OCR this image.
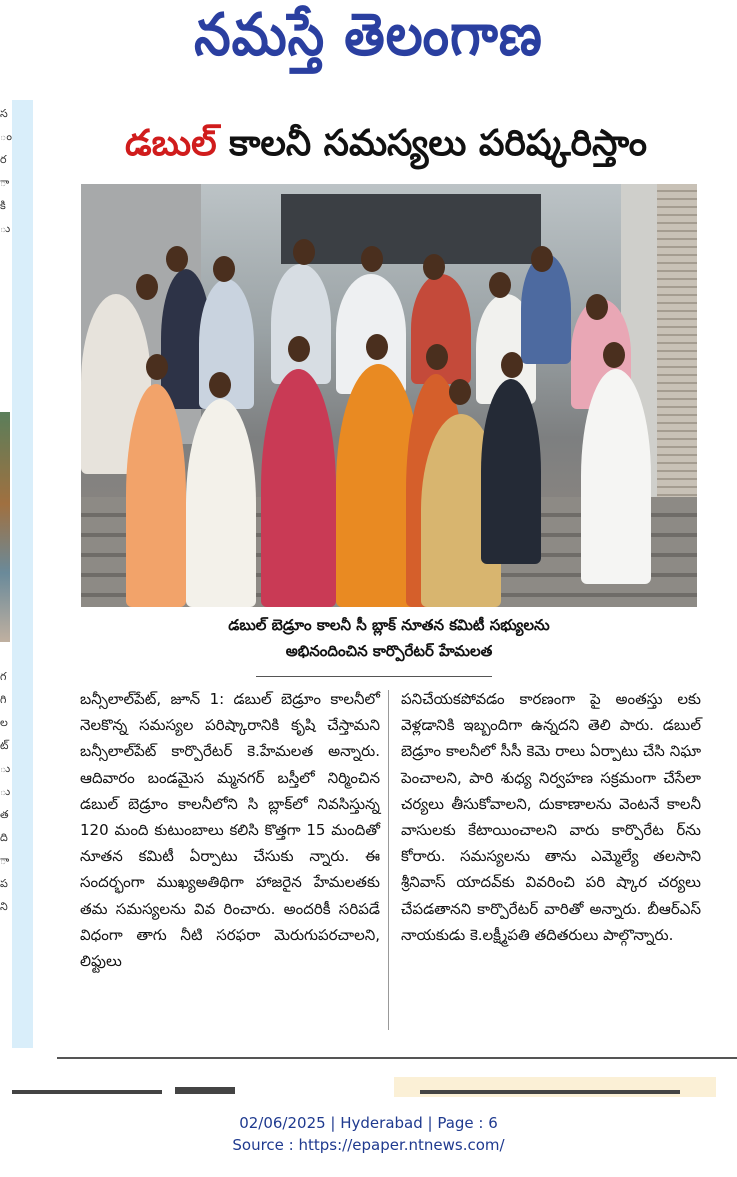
నమస్తే తెలంగాణ
స
ం
ర
ా
కి
ు
గ
గి
ల
ట్
ు
ు
త
ది
ా
ప
ని
డబుల్ కాలనీ సమస్యలు పరిష్కరిస్తాం
డబుల్ బెడ్రూం కాలనీ సీ బ్లాక్ నూతన కమిటీ సభ్యులను
అభినందించిన కార్పొరేటర్ హేమలత
బన్సీలాల్‌పేట్, జూన్ 1: డబుల్ బెడ్రూం కాలనీలో నెలకొన్న సమస్యల పరిష్కారానికి కృషి చేస్తామని బన్సీలాల్‌పేట్ కార్పొరేటర్ కె.హేమలత అన్నారు. ఆదివారం బండమైస మ్మనగర్ బస్తీలో నిర్మించిన డబుల్ బెడ్రూం కాలనీలోని సి బ్లాక్‌లో నివసిస్తున్న 120 మంది కుటుంబాలు కలిసి కొత్తగా 15 మందితో నూతన కమిటీ ఏర్పాటు చేసుకు న్నారు. ఈ సందర్భంగా ముఖ్యఅతిథిగా హాజరైన హేమలతకు తమ సమస్యలను వివ రించారు. అందరికీ సరిపడే విధంగా తాగు నీటి సరఫరా మెరుగుపరచాలని, లిఫ్టులు
పనిచేయకపోవడం కారణంగా పై అంతస్తు లకు వెళ్లడానికి ఇబ్బందిగా ఉన్నదని తెలి పారు. డబుల్ బెడ్రూం కాలనీలో సీసీ కెమె రాలు ఏర్పాటు చేసి నిఘా పెంచాలని, పారి శుధ్య నిర్వహణ సక్రమంగా చేసేలా చర్యలు తీసుకోవాలని, దుకాణాలను వెంటనే కాలనీ వాసులకు కేటాయించాలని వారు కార్పొరేట ర్‌ను కోరారు. సమస్యలను తాను ఎమ్మెల్యే తలసాని శ్రీనివాస్ యాదవ్‌కు వివరించి పరి ష్కార చర్యలు చేపడతానని కార్పొరేటర్ వారితో అన్నారు. బీఆర్ఎస్ నాయకుడు కె.లక్ష్మీపతి తదితరులు పాల్గొన్నారు.
02/06/2025 | Hyderabad | Page : 6
Source : https://epaper.ntnews.com/
